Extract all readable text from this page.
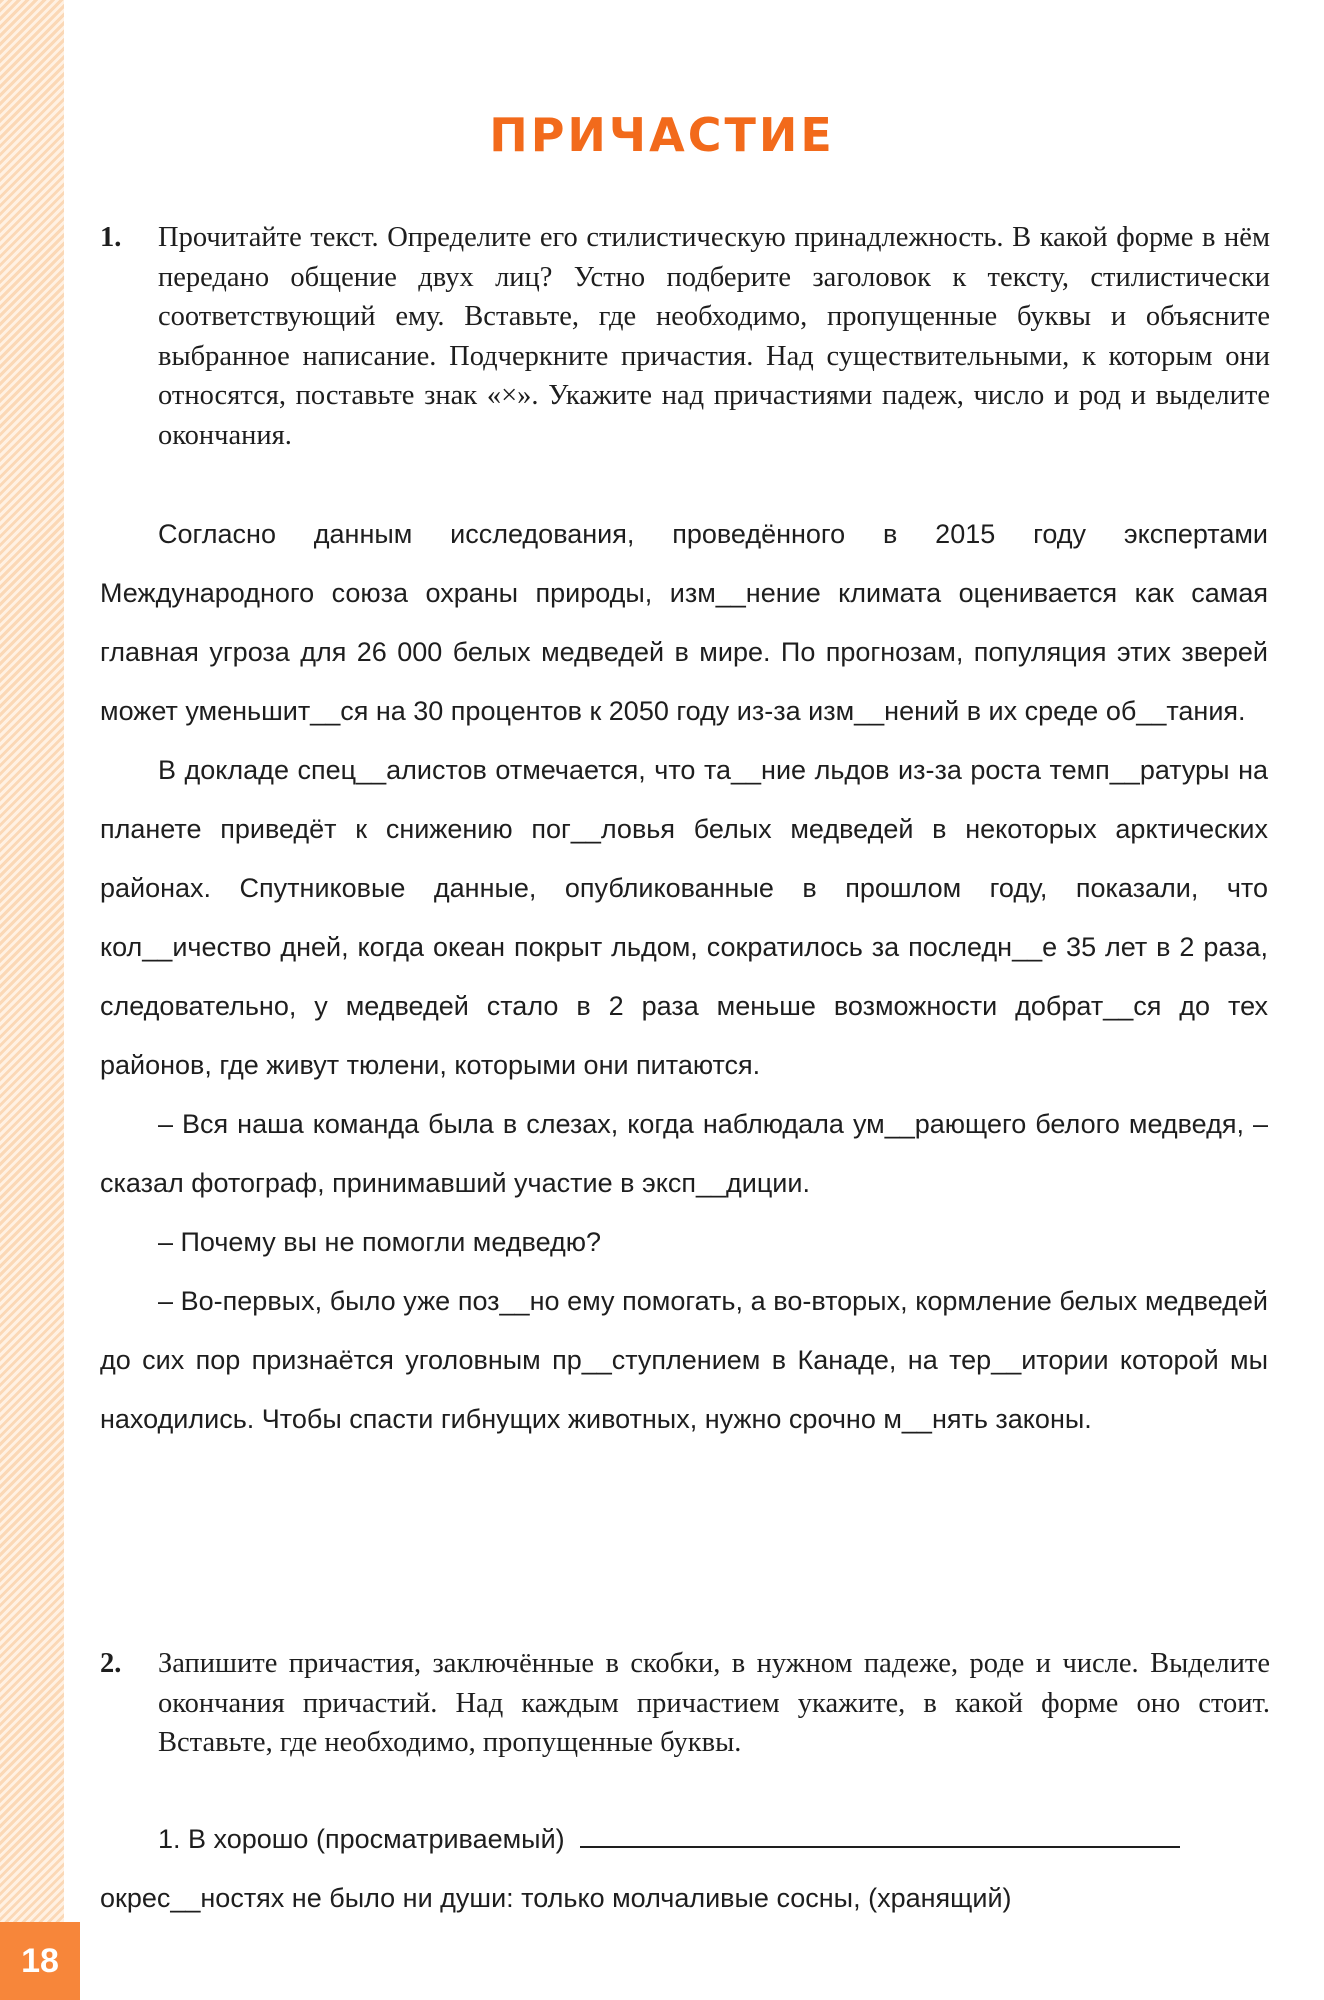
18
ПРИЧАСТИЕ
1. Прочитайте текст. Определите его стилистическую принадлежность. В какой форме в нём передано общение двух лиц? Устно подберите заголовок к тексту, стилистически соответствующий ему. Вставьте, где необходимо, пропущенные буквы и объясните выбранное написание. Подчеркните причастия. Над существительными, к которым они относятся, поставьте знак «×». Укажите над причастиями падеж, число и род и выделите окончания.

Согласно данным исследования, проведённого в 2015 году экспертами Международного союза охраны природы, изм__нение климата оценивается как самая главная угроза для 26 000 белых медведей в мире. По прогнозам, популяция этих зверей может уменьшит__ся на 30 процентов к 2050 году из-за изм__нений в их среде об__тания.

В докладе спец__алистов отмечается, что та__ние льдов из-за роста темп__ратуры на планете приведёт к снижению пог__ловья белых медведей в некоторых арктических районах. Спутниковые данные, опубликованные в прошлом году, показали, что кол__ичество дней, когда океан покрыт льдом, сократилось за последн__е 35 лет в 2 раза, следовательно, у медведей стало в 2 раза меньше возможности добрат__ся до тех районов, где живут тюлени, которыми они питаются.

– Вся наша команда была в слезах, когда наблюдала ум__рающего белого медведя, – сказал фотограф, принимавший участие в эксп__диции.

– Почему вы не помогли медведю?

– Во-первых, было уже поз__но ему помогать, а во-вторых, кормление белых медведей до сих пор признаётся уголовным пр__ступлением в Канаде, на тер__итории которой мы находились. Чтобы спасти гибнущих животных, нужно срочно м__нять законы.

2. Запишите причастия, заключённые в скобки, в нужном падеже, роде и числе. Выделите окончания причастий. Над каждым причастием укажите, в какой форме оно стоит. Вставьте, где необходимо, пропущенные буквы.
1. В хорошо (просматриваемый)
окрес__ностях не было ни души: только молчаливые сосны, (хранящий)
